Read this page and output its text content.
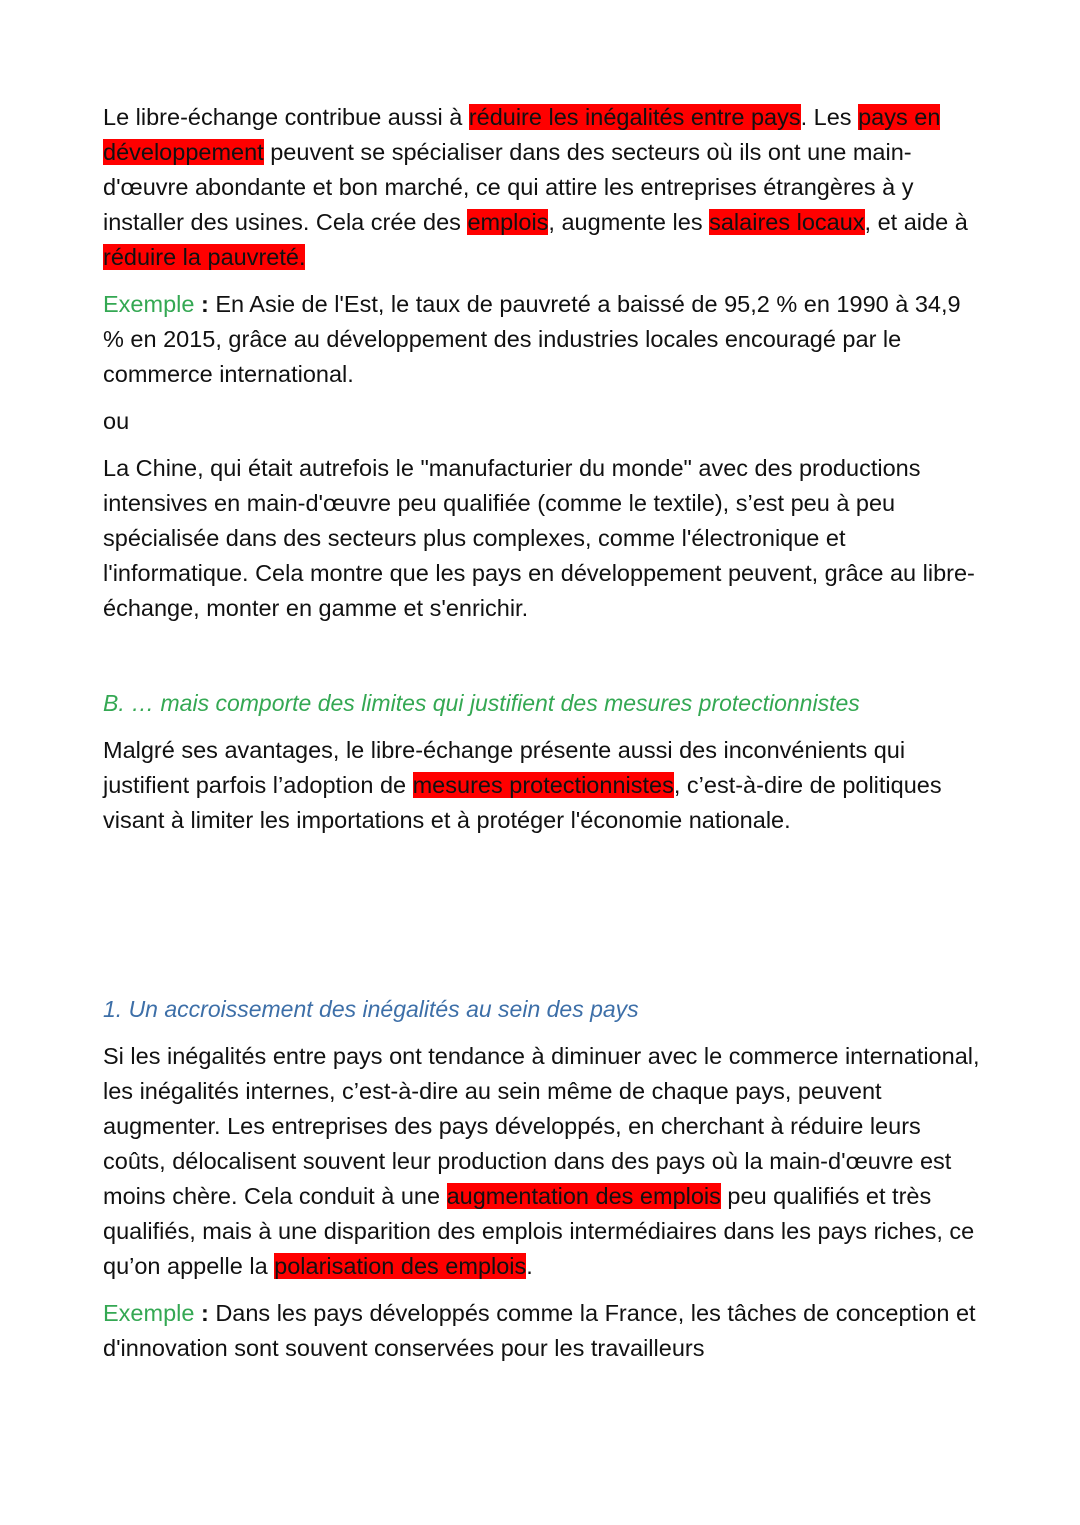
Le libre-échange contribue aussi à réduire les inégalités entre pays. Les pays en développement peuvent se spécialiser dans des secteurs où ils ont une main-d'œuvre abondante et bon marché, ce qui attire les entreprises étrangères à y installer des usines. Cela crée des emplois, augmente les salaires locaux, et aide à réduire la pauvreté.

Exemple : En Asie de l'Est, le taux de pauvreté a baissé de 95,2 % en 1990 à 34,9 % en 2015, grâce au développement des industries locales encouragé par le commerce international.

ou

La Chine, qui était autrefois le "manufacturier du monde" avec des productions intensives en main-d'œuvre peu qualifiée (comme le textile), s’est peu à peu spécialisée dans des secteurs plus complexes, comme l'électronique et l'informatique. Cela montre que les pays en développement peuvent, grâce au libre-échange, monter en gamme et s'enrichir.

B. … mais comporte des limites qui justifient des mesures protectionnistes

Malgré ses avantages, le libre-échange présente aussi des inconvénients qui justifient parfois l’adoption de mesures protectionnistes, c’est-à-dire de politiques visant à limiter les importations et à protéger l'économie nationale.

1. Un accroissement des inégalités au sein des pays

Si les inégalités entre pays ont tendance à diminuer avec le commerce international, les inégalités internes, c’est-à-dire au sein même de chaque pays, peuvent augmenter. Les entreprises des pays développés, en cherchant à réduire leurs coûts, délocalisent souvent leur production dans des pays où la main-d'œuvre est moins chère. Cela conduit à une augmentation des emplois peu qualifiés et très qualifiés, mais à une disparition des emplois intermédiaires dans les pays riches, ce qu’on appelle la polarisation des emplois.

Exemple : Dans les pays développés comme la France, les tâches de conception et d'innovation sont souvent conservées pour les travailleurs
